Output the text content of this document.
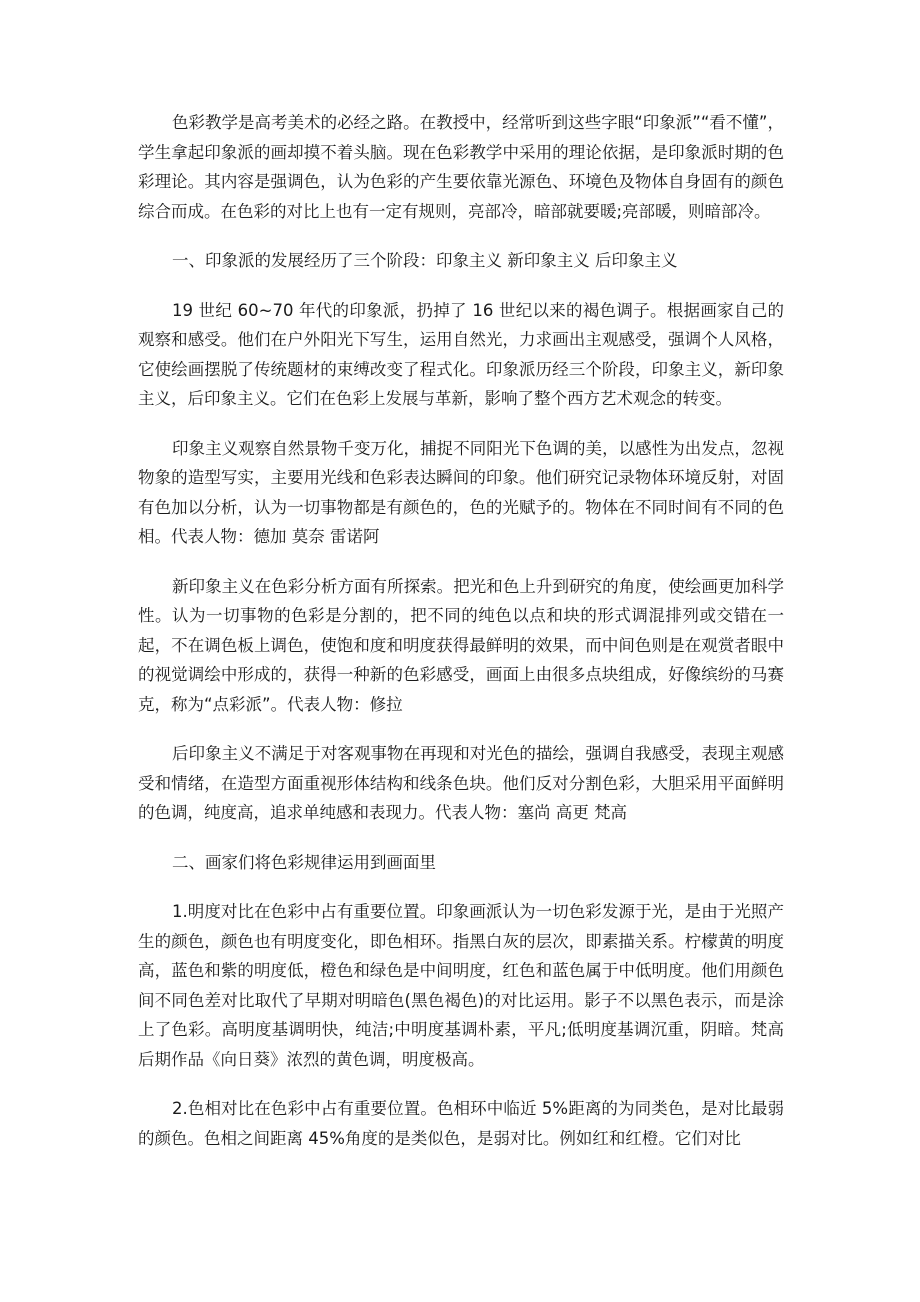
色彩教学是高考美术的必经之路。在教授中，经常听到这些字眼“印象派”“看不懂”，学生拿起印象派的画却摸不着头脑。现在色彩教学中采用的理论依据，是印象派时期的色彩理论。其内容是强调色，认为色彩的产生要依靠光源色、环境色及物体自身固有的颜色综合而成。在色彩的对比上也有一定有规则，亮部冷，暗部就要暖;亮部暖，则暗部冷。

一、印象派的发展经历了三个阶段：印象主义 新印象主义 后印象主义

19 世纪 60~70 年代的印象派，扔掉了 16 世纪以来的褐色调子。根据画家自己的观察和感受。他们在户外阳光下写生，运用自然光，力求画出主观感受，强调个人风格，它使绘画摆脱了传统题材的束缚改变了程式化。印象派历经三个阶段，印象主义，新印象主义，后印象主义。它们在色彩上发展与革新，影响了整个西方艺术观念的转变。

印象主义观察自然景物千变万化，捕捉不同阳光下色调的美，以感性为出发点，忽视物象的造型写实，主要用光线和色彩表达瞬间的印象。他们研究记录物体环境反射，对固有色加以分析，认为一切事物都是有颜色的，色的光赋予的。物体在不同时间有不同的色相。代表人物：德加 莫奈 雷诺阿

新印象主义在色彩分析方面有所探索。把光和色上升到研究的角度，使绘画更加科学性。认为一切事物的色彩是分割的，把不同的纯色以点和块的形式调混排列或交错在一起，不在调色板上调色，使饱和度和明度获得最鲜明的效果，而中间色则是在观赏者眼中的视觉调绘中形成的，获得一种新的色彩感受，画面上由很多点块组成，好像缤纷的马赛克，称为“点彩派”。代表人物：修拉

后印象主义不满足于对客观事物在再现和对光色的描绘，强调自我感受，表现主观感受和情绪，在造型方面重视形体结构和线条色块。他们反对分割色彩，大胆采用平面鲜明的色调，纯度高，追求单纯感和表现力。代表人物：塞尚 高更 梵高

二、画家们将色彩规律运用到画面里

1.明度对比在色彩中占有重要位置。印象画派认为一切色彩发源于光，是由于光照产生的颜色，颜色也有明度变化，即色相环。指黑白灰的层次，即素描关系。柠檬黄的明度高，蓝色和紫的明度低，橙色和绿色是中间明度，红色和蓝色属于中低明度。他们用颜色间不同色差对比取代了早期对明暗色(黑色褐色)的对比运用。影子不以黑色表示，而是涂上了色彩。高明度基调明快，纯洁;中明度基调朴素，平凡;低明度基调沉重，阴暗。梵高后期作品《向日葵》浓烈的黄色调，明度极高。

2.色相对比在色彩中占有重要位置。色相环中临近 5%距离的为同类色，是对比最弱的颜色。色相之间距离 45%角度的是类似色，是弱对比。例如红和红橙。它们对比
